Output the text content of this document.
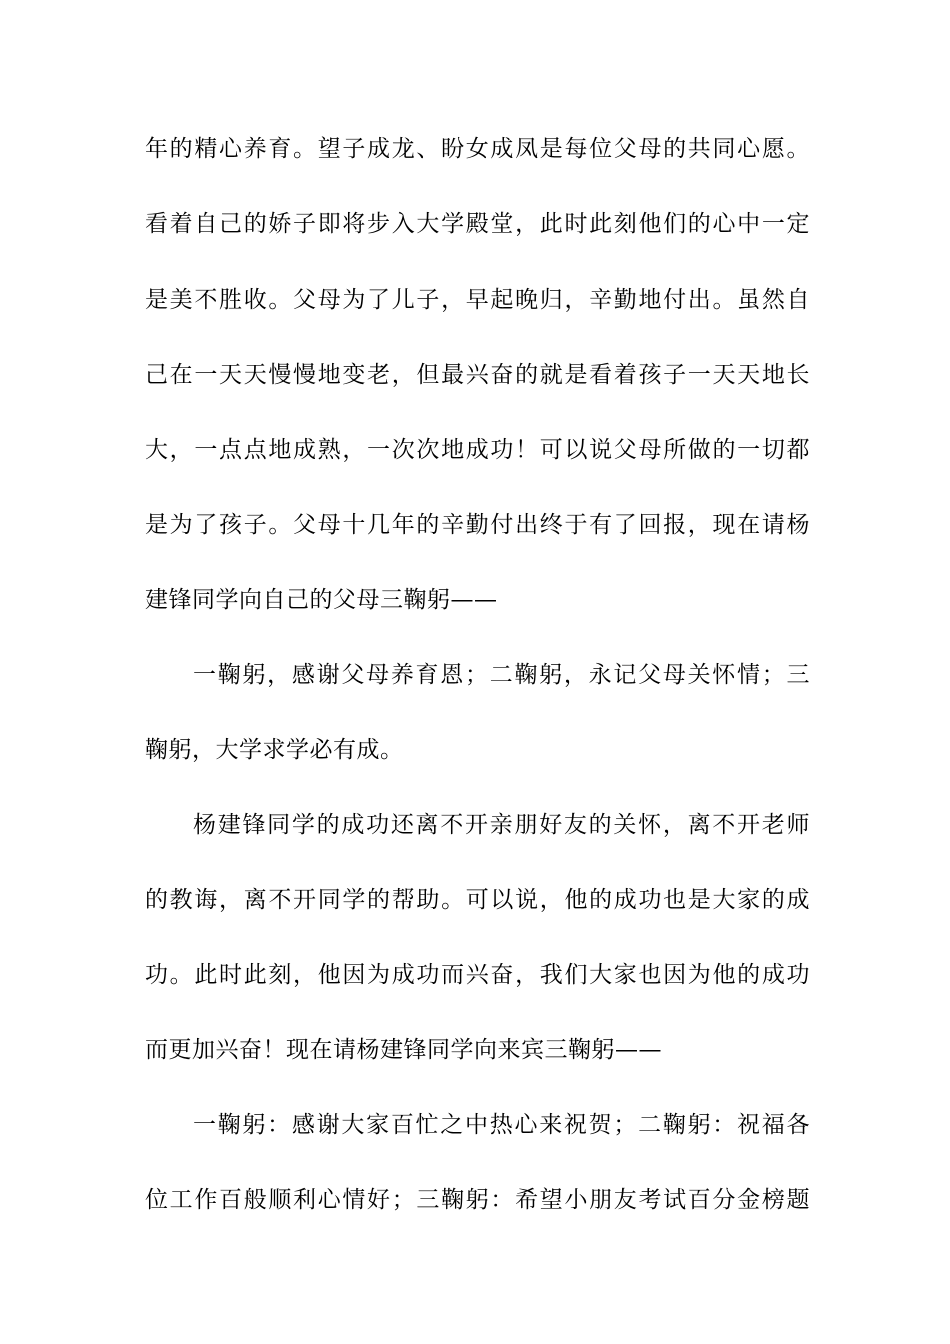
年的精心养育。望子成龙、盼女成凤是每位父母的共同心愿。
看着自己的娇子即将步入大学殿堂，此时此刻他们的心中一定
是美不胜收。父母为了儿子，早起晚归，辛勤地付出。虽然自
己在一天天慢慢地变老，但最兴奋的就是看着孩子一天天地长
大，一点点地成熟，一次次地成功！可以说父母所做的一切都
是为了孩子。父母十几年的辛勤付出终于有了回报，现在请杨
建锋同学向自己的父母三鞠躬——
一鞠躬，感谢父母养育恩；二鞠躬，永记父母关怀情；三
鞠躬，大学求学必有成。
杨建锋同学的成功还离不开亲朋好友的关怀，离不开老师
的教诲，离不开同学的帮助。可以说，他的成功也是大家的成
功。此时此刻，他因为成功而兴奋，我们大家也因为他的成功
而更加兴奋！现在请杨建锋同学向来宾三鞠躬——
一鞠躬：感谢大家百忙之中热心来祝贺；二鞠躬：祝福各
位工作百般顺利心情好；三鞠躬：希望小朋友考试百分金榜题
